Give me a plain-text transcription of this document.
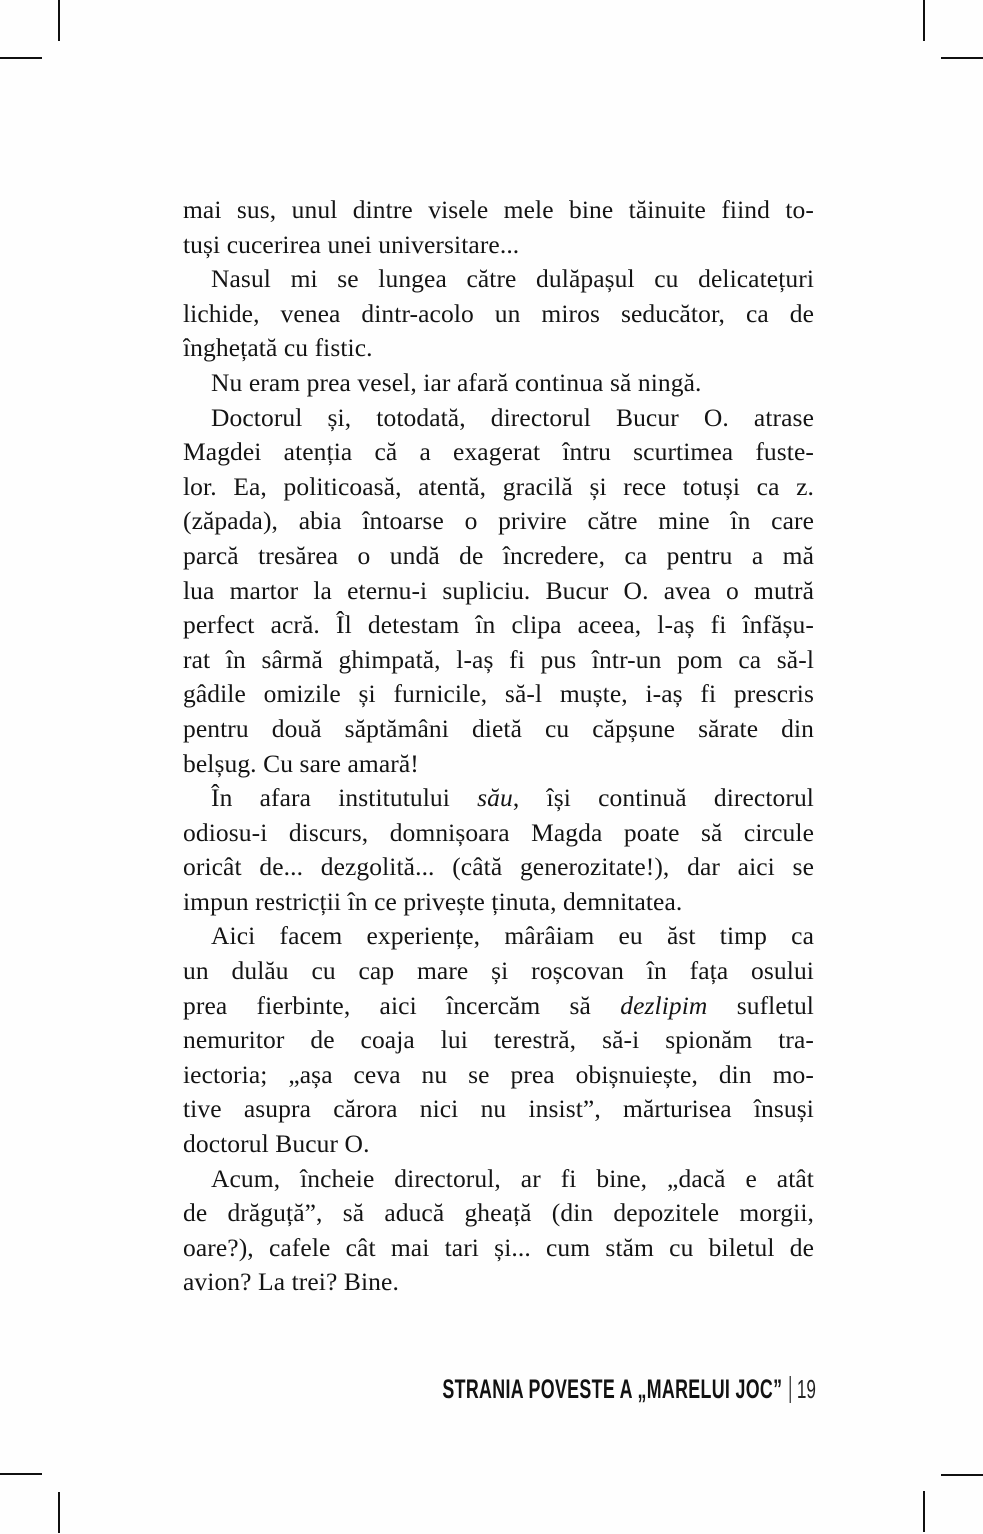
mai sus, unul dintre visele mele bine tăinuite fiind to-
tuși cucerirea unei universitare...
Nasul mi se lungea către dulăpașul cu delicatețuri
lichide, venea dintr-acolo un miros seducător, ca de
înghețată cu fistic.
Nu eram prea vesel, iar afară continua să ningă.
Doctorul și, totodată, directorul Bucur O. atrase
Magdei atenția că a exagerat întru scurtimea fuste-
lor. Ea, politicoasă, atentă, gracilă și rece totuși ca z.
(zăpada), abia întoarse o privire către mine în care
parcă tresărea o undă de încredere, ca pentru a mă
lua martor la eternu-i supliciu. Bucur O. avea o mutră
perfect acră. Îl detestam în clipa aceea, l-aș fi înfășu-
rat în sârmă ghimpată, l-aș fi pus într-un pom ca să-l
gâdile omizile și furnicile, să-l muște, i-aș fi prescris
pentru două săptămâni dietă cu căpșune sărate din
belșug. Cu sare amară!
În afara institutului său, își continuă directorul
odiosu-i discurs, domnișoara Magda poate să circule
oricât de... dezgolită... (câtă generozitate!), dar aici se
impun restricții în ce privește ținuta, demnitatea.
Aici facem experiențe, mârâiam eu ăst timp ca
un dulău cu cap mare și roșcovan în fața osului
prea fierbinte, aici încercăm să dezlipim sufletul
nemuritor de coaja lui terestră, să-i spionăm tra-
iectoria; „așa ceva nu se prea obișnuiește, din mo-
tive asupra cărora nici nu insist”, mărturisea însuși
doctorul Bucur O.
Acum, încheie directorul, ar fi bine, „dacă e atât
de drăguță”, să aducă gheață (din depozitele morgii,
oare?), cafele cât mai tari și... cum stăm cu biletul de
avion? La trei? Bine.
STRANIA POVESTE A „MARELUI JOC” 19
